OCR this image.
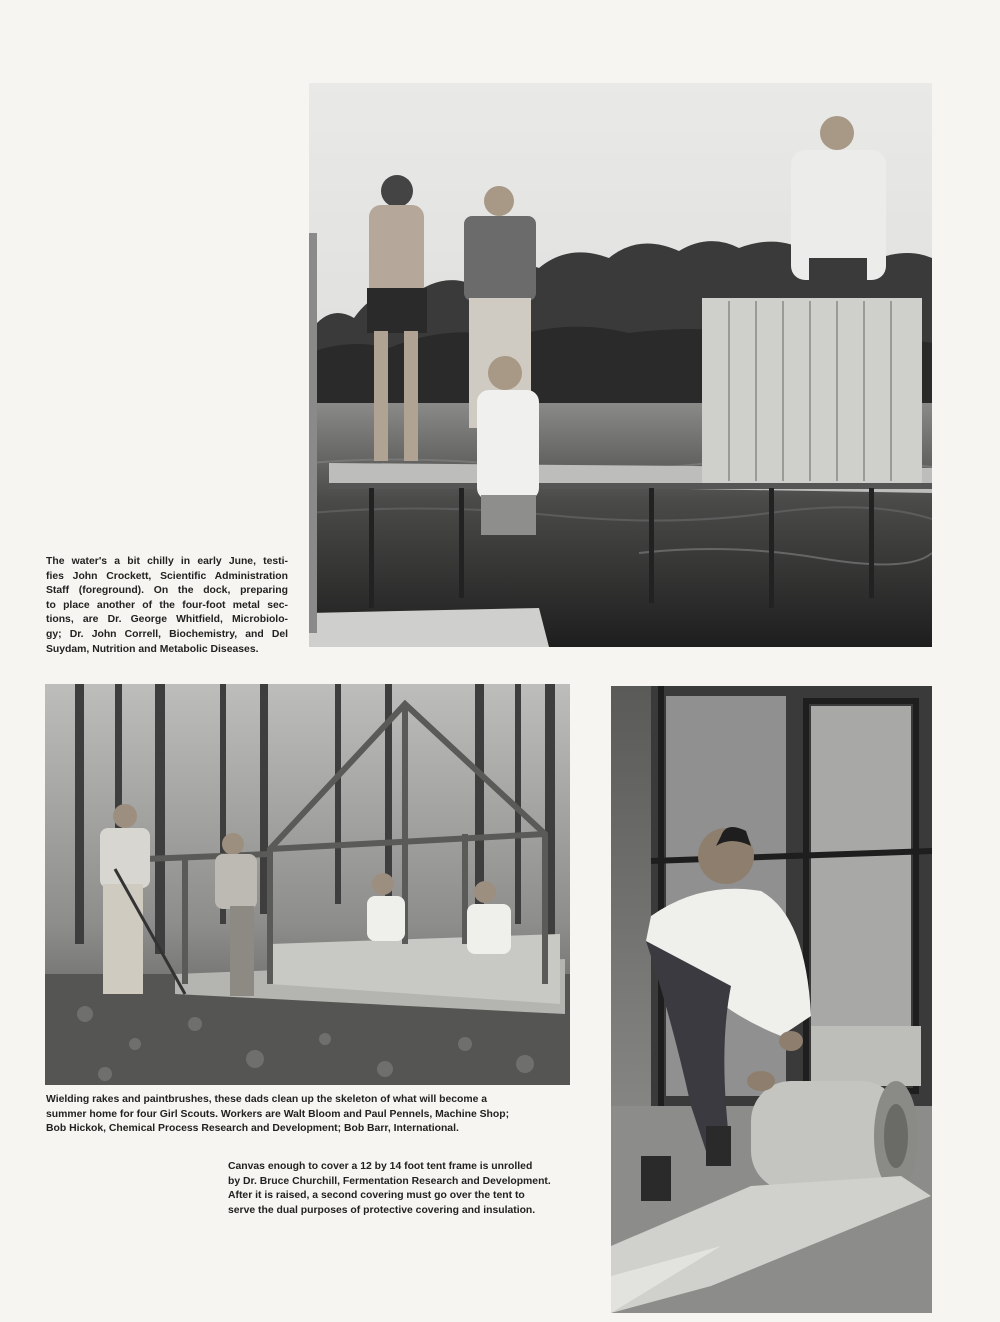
The water's a bit chilly in early June, testi-
fies John Crockett, Scientific Administration
Staff (foreground). On the dock, preparing
to place another of the four-foot metal sec-
tions, are Dr. George Whitfield, Microbiolo-
gy; Dr. John Correll, Biochemistry, and Del
Suydam, Nutrition and Metabolic Diseases.
Wielding rakes and paintbrushes, these dads clean up the skeleton of what will become a
summer home for four Girl Scouts. Workers are Walt Bloom and Paul Pennels, Machine Shop;
Bob Hickok, Chemical Process Research and Development; Bob Barr, International.
Canvas enough to cover a 12 by 14 foot tent frame is unrolled
by Dr. Bruce Churchill, Fermentation Research and Development.
After it is raised, a second covering must go over the tent to
serve the dual purposes of protective covering and insulation.
